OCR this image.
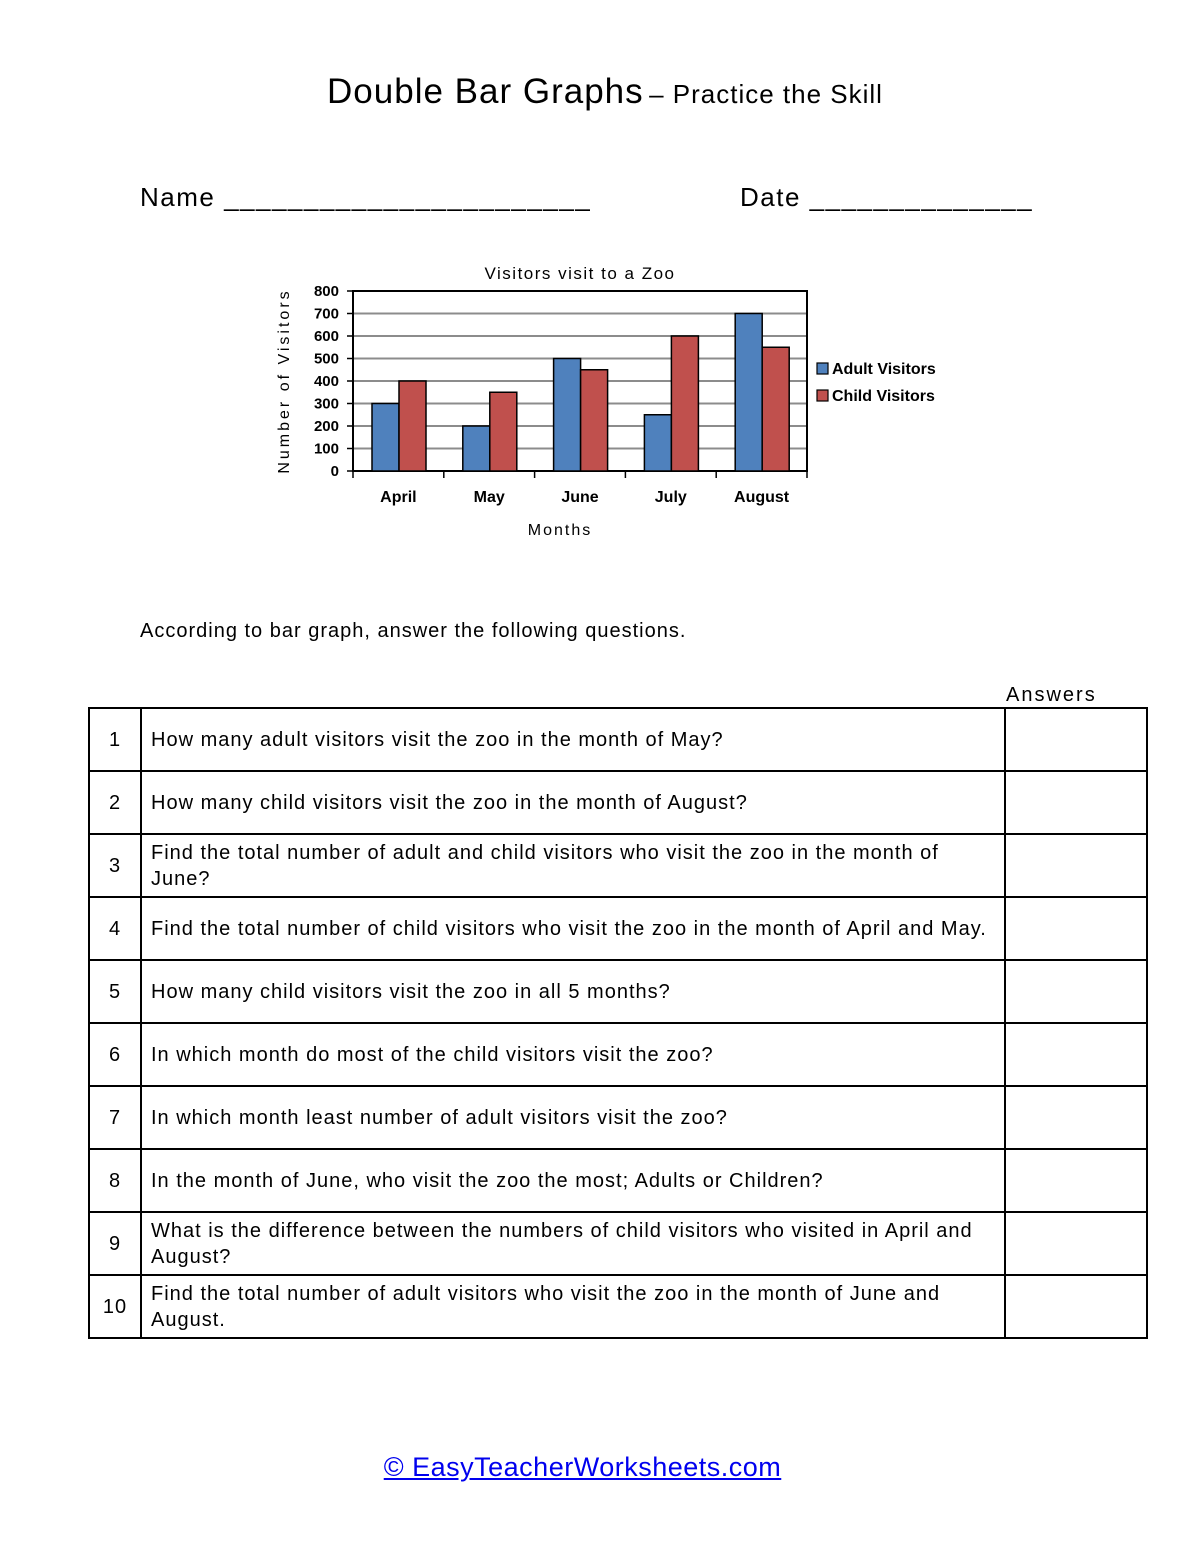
Double Bar Graphs – Practice the Skill
Name _______________________	Date ______________
0
100
200
300
400
500
600
700
800
April	May	June	July	August
Visitors visit to a Zoo
Months
Number of Visitors	Adult Visitors
Child Visitors
According to bar graph, answer the following questions.
Answers
1	How many adult visitors visit the zoo in the month of May?	
2	How many child visitors visit the zoo in the month of August?	
3	Find the total number of adult and child visitors who visit the zoo in the month of June?	
4	Find the total number of child visitors who visit the zoo in the month of April and May.	
5	How many child visitors visit the zoo in all 5 months?	
6	In which month do most of the child visitors visit the zoo?	
7	In which month least number of adult visitors visit the zoo?	
8	In the month of June, who visit the zoo the most; Adults or Children?	
9	What is the difference between the numbers of child visitors who visited in April and August?	
10	Find the total number of adult visitors who visit the zoo in the month of June and August.	
© EasyTeacherWorksheets.com
